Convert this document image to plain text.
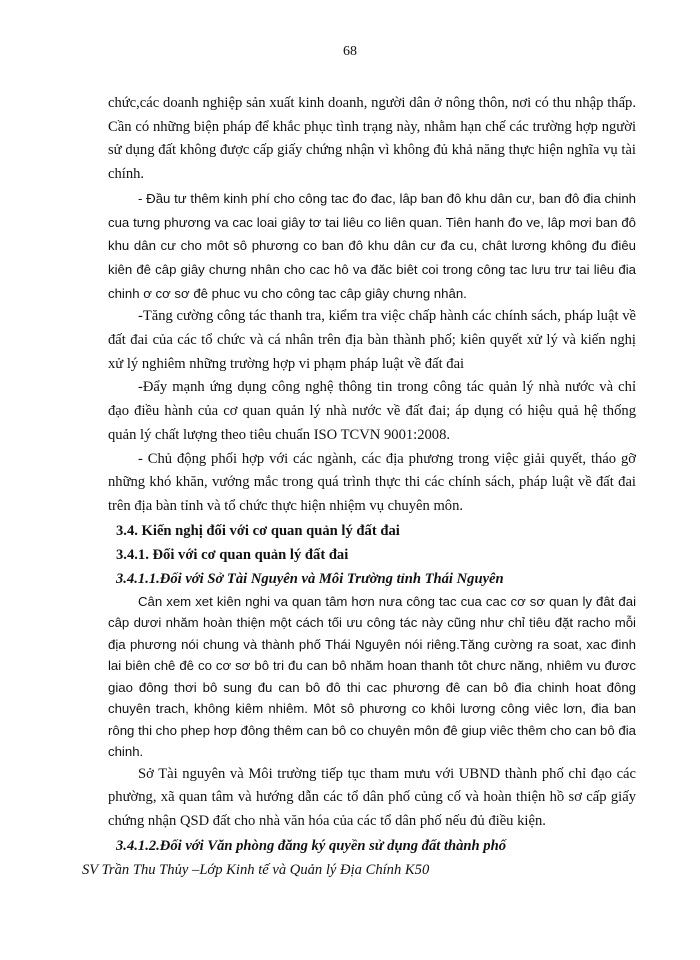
68

chức,các doanh nghiệp sản xuất kinh doanh, người dân ở nông thôn, nơi có thu nhập thấp. Cần có những biện pháp để khắc phục tình trạng này, nhằm hạn chế các trường hợp người sử dụng đất không được cấp giấy chứng nhận vì không đủ khả năng thực hiện nghĩa vụ tài chính.

- Đầu tư thêm kinh phí cho công tac đo đac, lâp ban đô khu dân cư, ban đô đia chinh cua tưng phương va cac loai giây tơ tai liêu co liên quan. Tiên hanh đo ve, lâp mơi ban đô khu dân cư cho môt sô phương co ban đô khu dân cư đa cu, chât lương không đu điêu kiên đê câp giây chưng nhân cho cac hô va đăc biêt coi trong công tac lưu trư tai liêu đia chinh ơ cơ sơ đê phuc vu cho công tac câp giây chưng nhân.

-Tăng cường công tác thanh tra, kiểm tra việc chấp hành các chính sách, pháp luật về đất đai của các tổ chức và cá nhân trên địa bàn thành phố; kiên quyết xử lý và kiến nghị xử lý nghiêm những trường hợp vi phạm pháp luật về đất đai

-Đẩy mạnh ứng dụng công nghệ thông tin trong công tác quản lý nhà nước và chỉ đạo điều hành của cơ quan quản lý nhà nước về đất đai; áp dụng có hiệu quả hệ thống quản lý chất lượng theo tiêu chuẩn ISO TCVN 9001:2008.

- Chủ động phối hợp với các ngành, các địa phương trong việc giải quyết, tháo gỡ những khó khăn, vướng mắc trong quá trình thực thi các chính sách, pháp luật về đất đai trên địa bàn tỉnh và tổ chức thực hiện nhiệm vụ chuyên môn.

3.4. Kiến nghị đối với cơ quan quản lý đất đai
3.4.1. Đối với cơ quan quản lý đất đai
3.4.1.1.Đối với Sở Tài Nguyên và Môi Trường tỉnh Thái Nguyên

Cân xem xet kiên nghi va quan tâm hơn nưa công tac cua cac cơ sơ quan ly đât đai câp dươi nhăm hoàn thiện một cách tối ưu công tác này cũng như chỉ tiêu đặt racho mỗi địa phương nói chung và thành phố Thái Nguyên nói riêng.Tăng cường ra soat, xac đinh lai biên chê đê co cơ sơ bô tri đu can bô nhăm hoan thanh tôt chưc năng, nhiêm vu đươc giao đông thơi bô sung đu can bô đô thi cac phương đê can bô đia chinh hoat đông chuyên trach, không kiêm nhiêm. Môt sô phương co khôi lương công viêc lơn, đia ban rông thi cho phep hơp đông thêm can bô co chuyên môn đê giup viêc thêm cho can bô đia chinh.

Sở Tài nguyên và Môi trường tiếp tục tham mưu với UBND thành phố chỉ đạo các phường, xã quan tâm và hướng dẫn các tổ dân phố củng cố và hoàn thiện hồ sơ cấp giấy chứng nhận QSD đất cho nhà văn hóa của các tổ dân phố nếu đủ điều kiện.

3.4.1.2.Đối với Văn phòng đăng ký quyền sử dụng đất thành phố
SV Trần Thu Thủy –Lớp Kinh tế và Quản lý Địa Chính K50
